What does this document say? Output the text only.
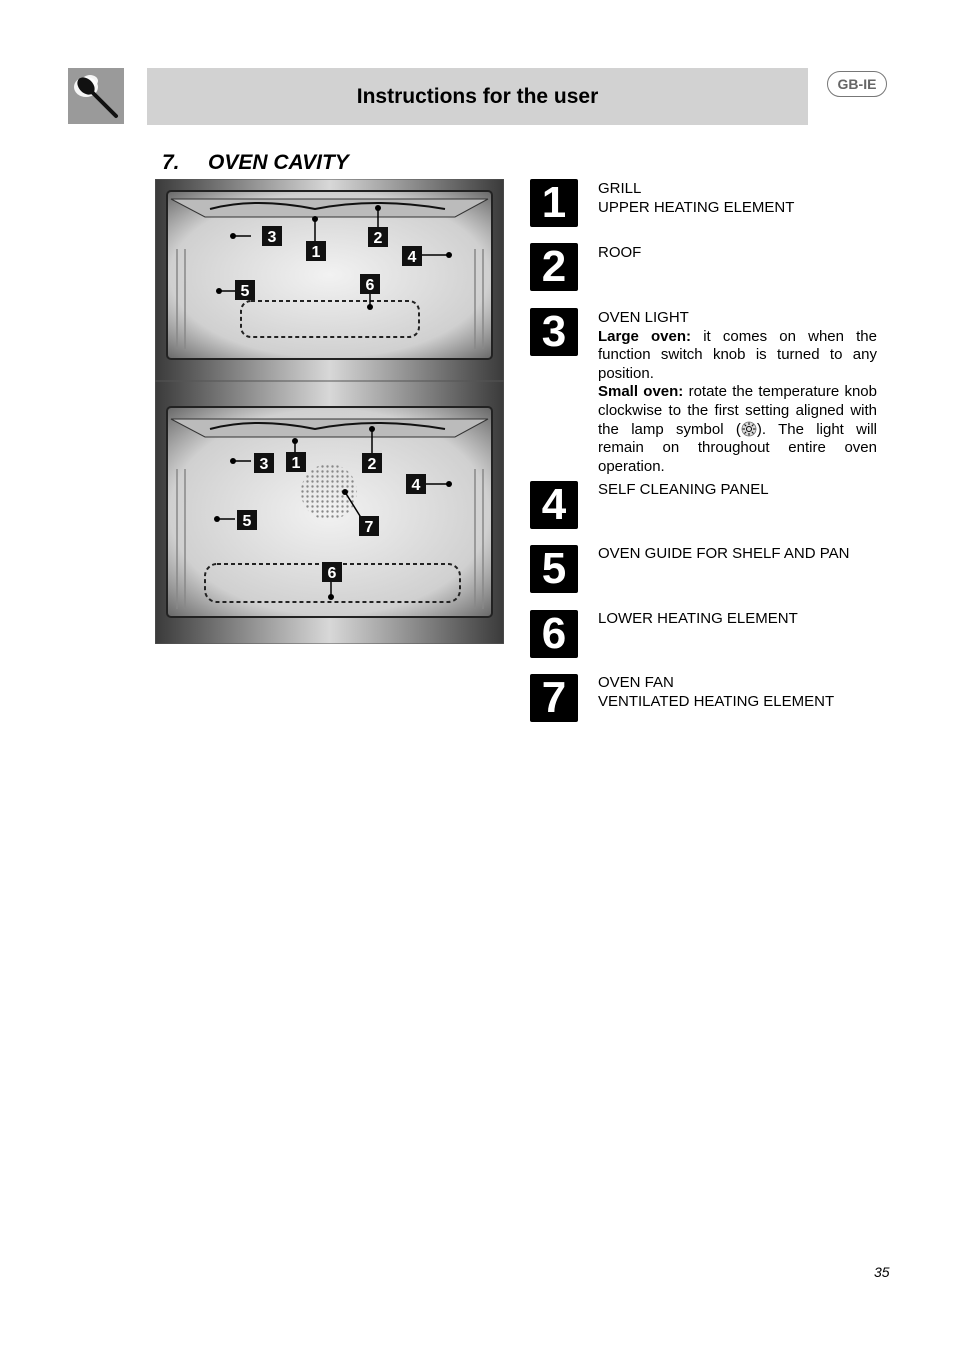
Instructions for the user
GB-IE
7. OVEN CAVITY
3
1
2
4
5	6
3 1	2
4
5	7
6
1	GRILL

UPPER HEATING ELEMENT

2	ROOF

3	OVEN LIGHT

Large oven: it comes on when the function switch knob is turned to any position.

Small oven: rotate the temperature knob clockwise to the first setting aligned with the lamp symbol ( ). The light will remain on throughout entire oven operation.

4	SELF CLEANING PANEL

5	OVEN GUIDE FOR SHELF AND PAN

6	LOWER HEATING ELEMENT

7	OVEN FAN

VENTILATED HEATING ELEMENT

35
